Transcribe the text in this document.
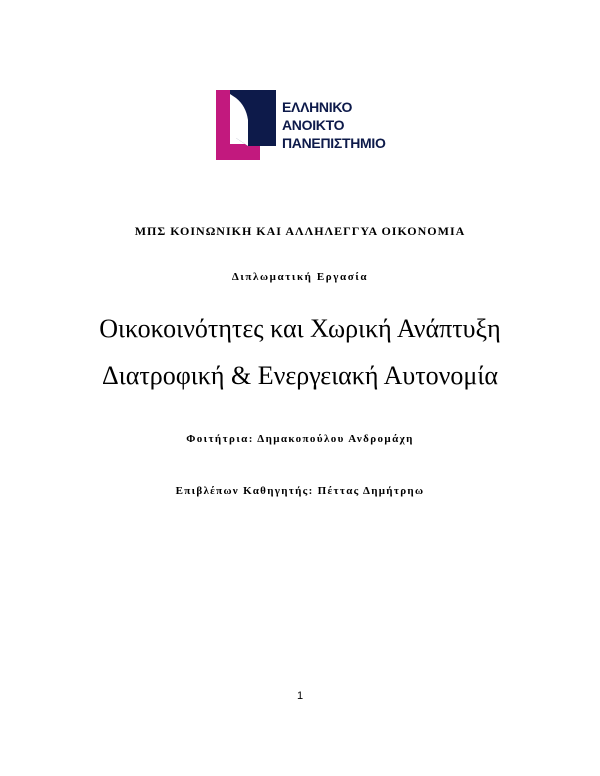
ΕΛΛΗΝΙΚΟ
ΑΝΟΙΚΤΟ
ΠΑΝΕΠΙΣΤΗΜΙΟ
ΜΠΣ ΚΟΙΝΩΝΙΚΗ ΚΑΙ ΑΛΛΗΛΕΓΓΥΑ ΟΙΚΟΝΟΜΙΑ
Διπλωματική Εργασία
Οικοκοινότητες και Χωρική Ανάπτυξη
Διατροφική & Ενεργειακή Αυτονομία
Φοιτήτρια: Δημακοπούλου Ανδρομάχη
Επιβλέπων Καθηγητής: Πέττας Δημήτρηω
1
